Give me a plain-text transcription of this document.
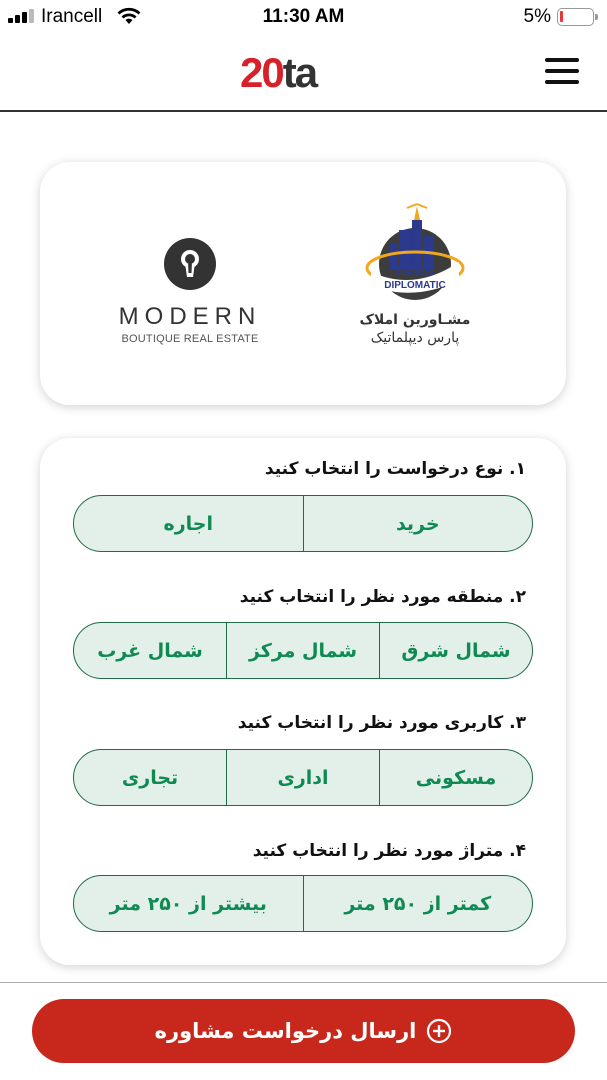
Irancell	11:30 AM	5%
20ta
MODERN
BOUTIQUE REAL ESTATE
PARS
DIPLOMATIC
مشـاورین املاک
پارس دیپلماتیک
۱. نوع درخواست را انتخاب کنید
خرید
اجاره
۲. منطقه مورد نظر را انتخاب کنید
شمال شرق
شمال مرکز
شمال غرب
۳. کاربری مورد نظر را انتخاب کنید
مسکونی
اداری
تجاری
۴. متراژ مورد نظر را انتخاب کنید
کمتر از ۲۵۰ متر
بیشتر از ۲۵۰ متر
ارسال درخواست مشاوره
